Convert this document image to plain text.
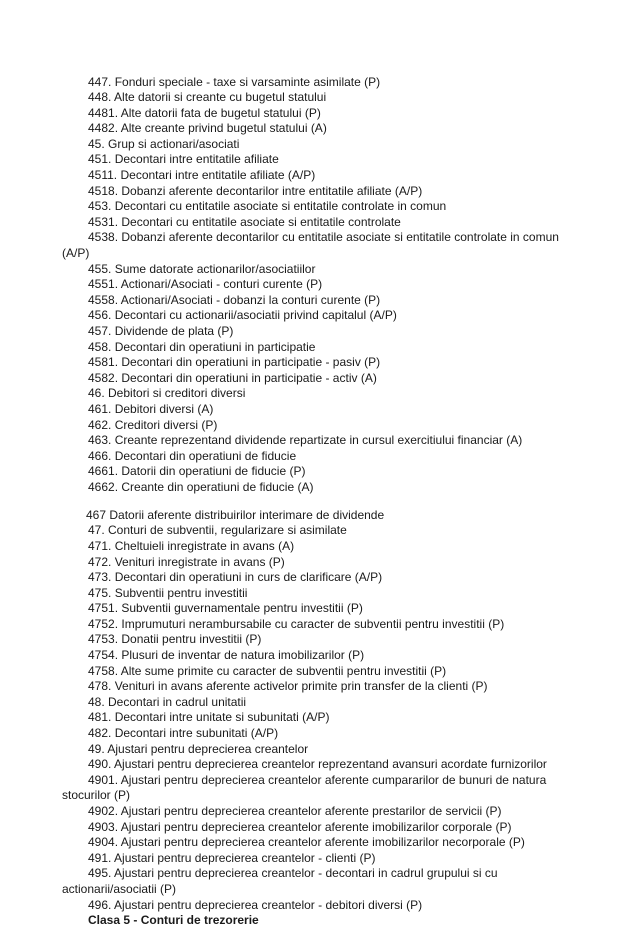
447. Fonduri speciale - taxe si varsaminte asimilate (P)
448. Alte datorii si creante cu bugetul statului
4481. Alte datorii fata de bugetul statului (P)
4482. Alte creante privind bugetul statului (A)
45. Grup si actionari/asociati
451. Decontari intre entitatile afiliate
4511. Decontari intre entitatile afiliate (A/P)
4518. Dobanzi aferente decontarilor intre entitatile afiliate (A/P)
453. Decontari cu entitatile asociate si entitatile controlate in comun
4531. Decontari cu entitatile asociate si entitatile controlate
4538. Dobanzi aferente decontarilor cu entitatile asociate si entitatile controlate in comun (A/P)
455. Sume datorate actionarilor/asociatiilor
4551. Actionari/Asociati - conturi curente (P)
4558. Actionari/Asociati - dobanzi la conturi curente (P)
456. Decontari cu actionarii/asociatii privind capitalul (A/P)
457. Dividende de plata (P)
458. Decontari din operatiuni in participatie
4581. Decontari din operatiuni in participatie - pasiv (P)
4582. Decontari din operatiuni in participatie - activ (A)
46. Debitori si creditori diversi
461. Debitori diversi (A)
462. Creditori diversi (P)
463. Creante reprezentand dividende repartizate in cursul exercitiului financiar (A)
466. Decontari din operatiuni de fiducie
4661. Datorii din operatiuni de fiducie (P)
4662. Creante din operatiuni de fiducie (A)
467 Datorii aferente distribuirilor interimare de dividende
47. Conturi de subventii, regularizare si asimilate
471. Cheltuieli inregistrate in avans (A)
472. Venituri inregistrate in avans (P)
473. Decontari din operatiuni in curs de clarificare (A/P)
475. Subventii pentru investitii
4751. Subventii guvernamentale pentru investitii (P)
4752. Imprumuturi nerambursabile cu caracter de subventii pentru investitii (P)
4753. Donatii pentru investitii (P)
4754. Plusuri de inventar de natura imobilizarilor (P)
4758. Alte sume primite cu caracter de subventii pentru investitii (P)
478. Venituri in avans aferente activelor primite prin transfer de la clienti (P)
48. Decontari in cadrul unitatii
481. Decontari intre unitate si subunitati (A/P)
482. Decontari intre subunitati (A/P)
49. Ajustari pentru deprecierea creantelor
490. Ajustari pentru deprecierea creantelor reprezentand avansuri acordate furnizorilor
4901. Ajustari pentru deprecierea creantelor aferente cumpararilor de bunuri de natura stocurilor (P)
4902. Ajustari pentru deprecierea creantelor aferente prestarilor de servicii (P)
4903. Ajustari pentru deprecierea creantelor aferente imobilizarilor corporale (P)
4904. Ajustari pentru deprecierea creantelor aferente imobilizarilor necorporale (P)
491. Ajustari pentru deprecierea creantelor - clienti (P)
495. Ajustari pentru deprecierea creantelor - decontari in cadrul grupului si cu actionarii/asociatii (P)
496. Ajustari pentru deprecierea creantelor - debitori diversi (P)
Clasa 5 - Conturi de trezorerie
